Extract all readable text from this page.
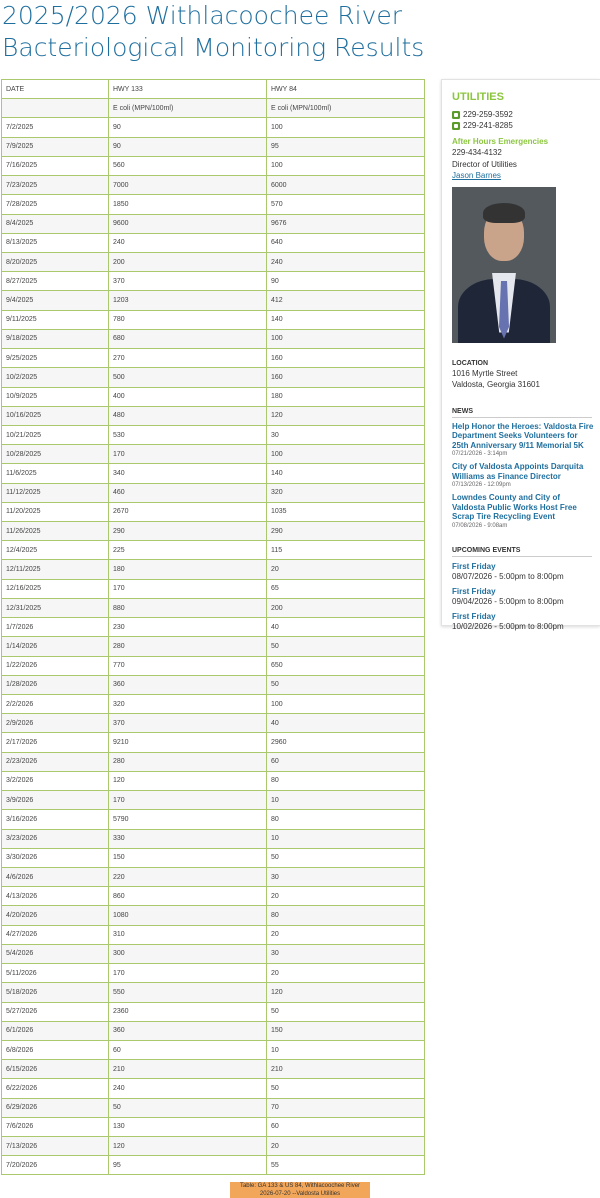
2025/2026 Withlacoochee River Bacteriological Monitoring Results
DATE	HWY 133	HWY 84
	E coli (MPN/100ml)	E coli (MPN/100ml)
7/2/2025	90	100
7/9/2025	90	95
7/16/2025	560	100
7/23/2025	7000	6000
7/28/2025	1850	570
8/4/2025	9600	9676
8/13/2025	240	640
8/20/2025	200	240
8/27/2025	370	90
9/4/2025	1203	412
9/11/2025	780	140
9/18/2025	680	100
9/25/2025	270	160
10/2/2025	500	160
10/9/2025	400	180
10/16/2025	480	120
10/21/2025	530	30
10/28/2025	170	100
11/6/2025	340	140
11/12/2025	460	320
11/20/2025	2670	1035
11/26/2025	290	290
12/4/2025	225	115
12/11/2025	180	20
12/16/2025	170	65
12/31/2025	880	200
1/7/2026	230	40
1/14/2026	280	50
1/22/2026	770	650
1/28/2026	360	50
2/2/2026	320	100
2/9/2026	370	40
2/17/2026	9210	2960
2/23/2026	280	60
3/2/2026	120	80
3/9/2026	170	10
3/16/2026	5790	80
3/23/2026	330	10
3/30/2026	150	50
4/6/2026	220	30
4/13/2026	860	20
4/20/2026	1080	80
4/27/2026	310	20
5/4/2026	300	30
5/11/2026	170	20
5/18/2026	550	120
5/27/2026	2360	50
6/1/2026	360	150
6/8/2026	60	10
6/15/2026	210	210
6/22/2026	240	50
6/29/2026	50	70
7/6/2026	130	60
7/13/2026	120	20
7/20/2026	95	55
UTILITIES
229-259-3592
229-241-8285
After Hours Emergencies
229-434-4132
Director of Utilities
Jason Barnes
LOCATION
1016 Myrtle Street
Valdosta, Georgia 31601
NEWS
Help Honor the Heroes: Valdosta Fire Department Seeks Volunteers for 25th Anniversary 9/11 Memorial 5K
07/21/2026 - 3:14pm
City of Valdosta Appoints Darquita Williams as Finance Director
07/13/2026 - 12:09pm
Lowndes County and City of Valdosta Public Works Host Free Scrap Tire Recycling Event
07/08/2026 - 9:08am
UPCOMING EVENTS
First Friday
08/07/2026 - 5:00pm to 8:00pm
First Friday
09/04/2026 - 5:00pm to 8:00pm
First Friday
10/02/2026 - 5:00pm to 8:00pm
Table: GA 133 & US 84, Withlacoochee River
2026-07-20 --Valdosta Utilities
